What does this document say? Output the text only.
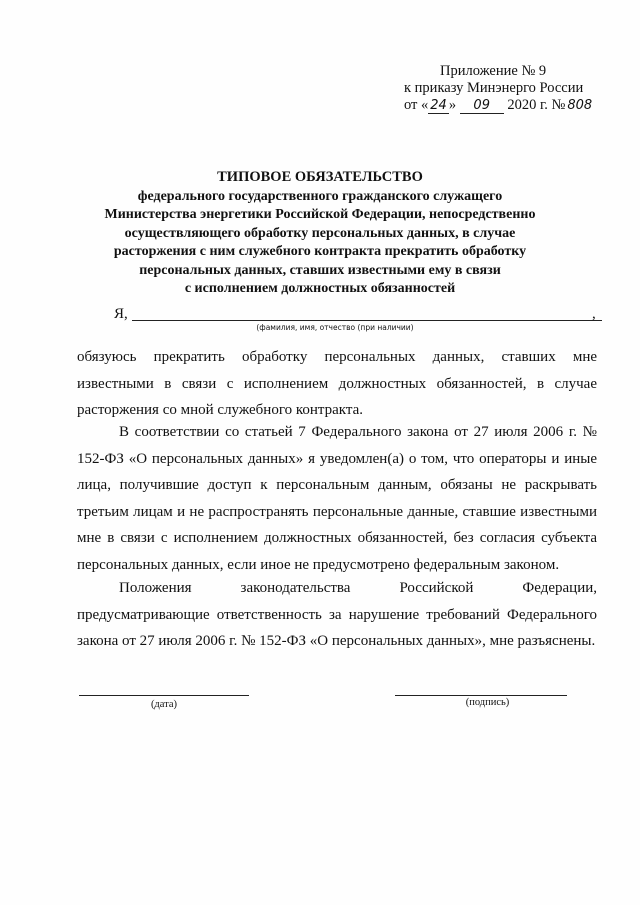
Приложение № 9
к приказу Минэнерго России
от « 24 » 09 2020 г. № 808
ТИПОВОЕ ОБЯЗАТЕЛЬСТВО
федерального государственного гражданского служащего
Министерства энергетики Российской Федерации, непосредственно
осуществляющего обработку персональных данных, в случае
расторжения с ним служебного контракта прекратить обработку
персональных данных, ставших известными ему в связи
с исполнением должностных обязанностей
Я,	,
(фамилия, имя, отчество (при наличии)
обязуюсь прекратить обработку персональных данных, ставших мне известными в связи с исполнением должностных обязанностей, в случае расторжения со мной служебного контракта.
В соответствии со статьей 7 Федерального закона от 27 июля 2006 г. № 152-ФЗ «О персональных данных» я уведомлен(а) о том, что операторы и иные лица, получившие доступ к персональным данным, обязаны не раскрывать третьим лицам и не распространять персональные данные, ставшие известными мне в связи с исполнением должностных обязанностей, без согласия субъекта персональных данных, если иное не предусмотрено федеральным законом.
Положения законодательства Российской Федерации, предусматривающие ответственность за нарушение требований Федерального закона от 27 июля 2006 г. № 152-ФЗ «О персональных данных», мне разъяснены.
(дата)	(подпись)
